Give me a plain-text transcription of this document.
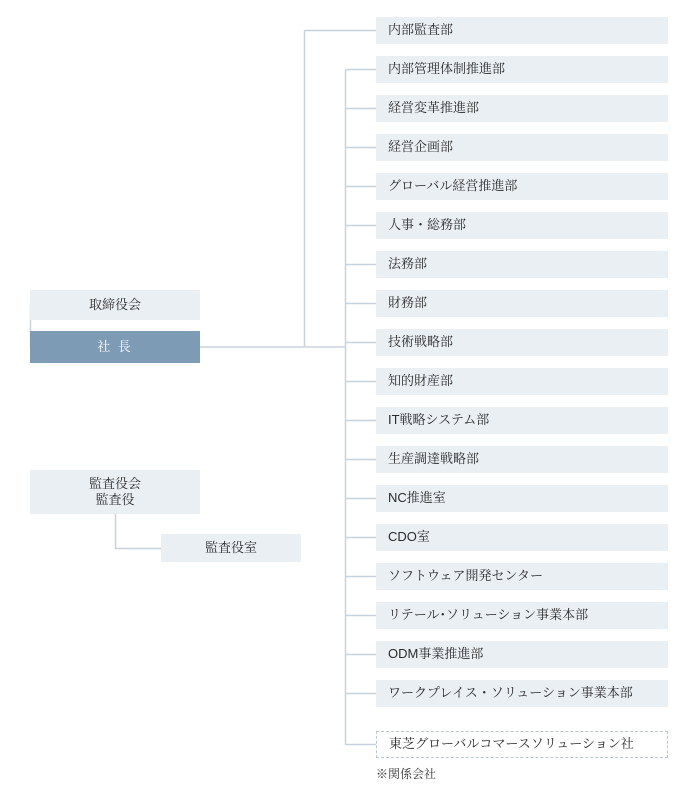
取締役会
社 長
監査役会
監査役
監査役室
内部監査部
内部管理体制推進部
経営変革推進部
経営企画部
グローバル経営推進部
人事・総務部
法務部
財務部
技術戦略部
知的財産部
IT戦略システム部
生産調達戦略部
NC推進室
CDO室
ソフトウェア開発センター
リテール･ソリューション事業本部
ODM事業推進部
ワークプレイス・ソリューション事業本部
東芝グローバルコマースソリューション社
※関係会社
